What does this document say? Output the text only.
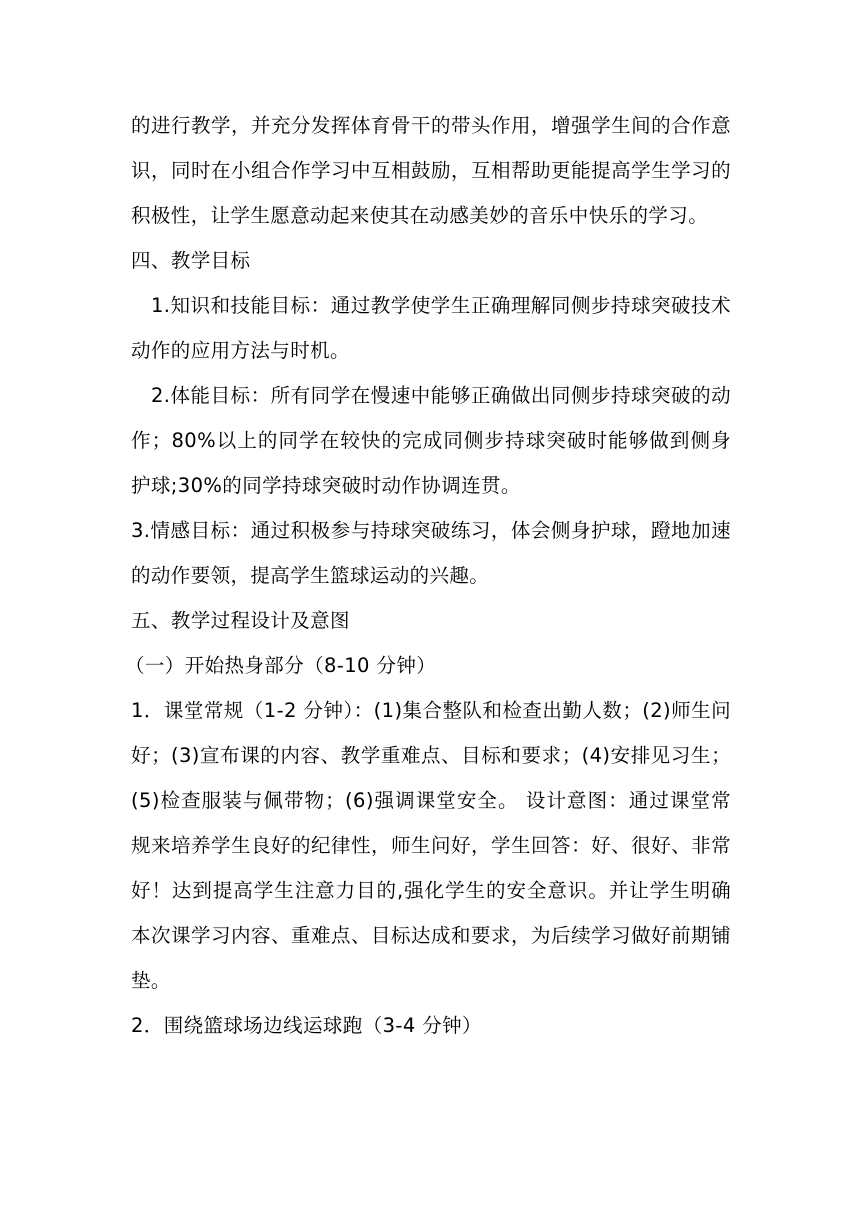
的进行教学，并充分发挥体育骨干的带头作用，增强学生间的合作意识，同时在小组合作学习中互相鼓励，互相帮助更能提高学生学习的积极性，让学生愿意动起来使其在动感美妙的音乐中快乐的学习。

四、教学目标

1.知识和技能目标：通过教学使学生正确理解同侧步持球突破技术动作的应用方法与时机。

2.体能目标：所有同学在慢速中能够正确做出同侧步持球突破的动作；80%以上的同学在较快的完成同侧步持球突破时能够做到侧身护球;30%的同学持球突破时动作协调连贯。

3.情感目标：通过积极参与持球突破练习，体会侧身护球，蹬地加速的动作要领，提高学生篮球运动的兴趣。

五、教学过程设计及意图

（一）开始热身部分（8-10 分钟）

1．课堂常规（1-2 分钟）：(1)集合整队和检查出勤人数；(2)师生问好；(3)宣布课的内容、教学重难点、目标和要求；(4)安排见习生；(5)检查服装与佩带物；(6)强调课堂安全。 设计意图：通过课堂常规来培养学生良好的纪律性，师生问好，学生回答：好、很好、非常好！达到提高学生注意力目的,强化学生的安全意识。并让学生明确本次课学习内容、重难点、目标达成和要求，为后续学习做好前期铺垫。

2．围绕篮球场边线运球跑（3-4 分钟）
